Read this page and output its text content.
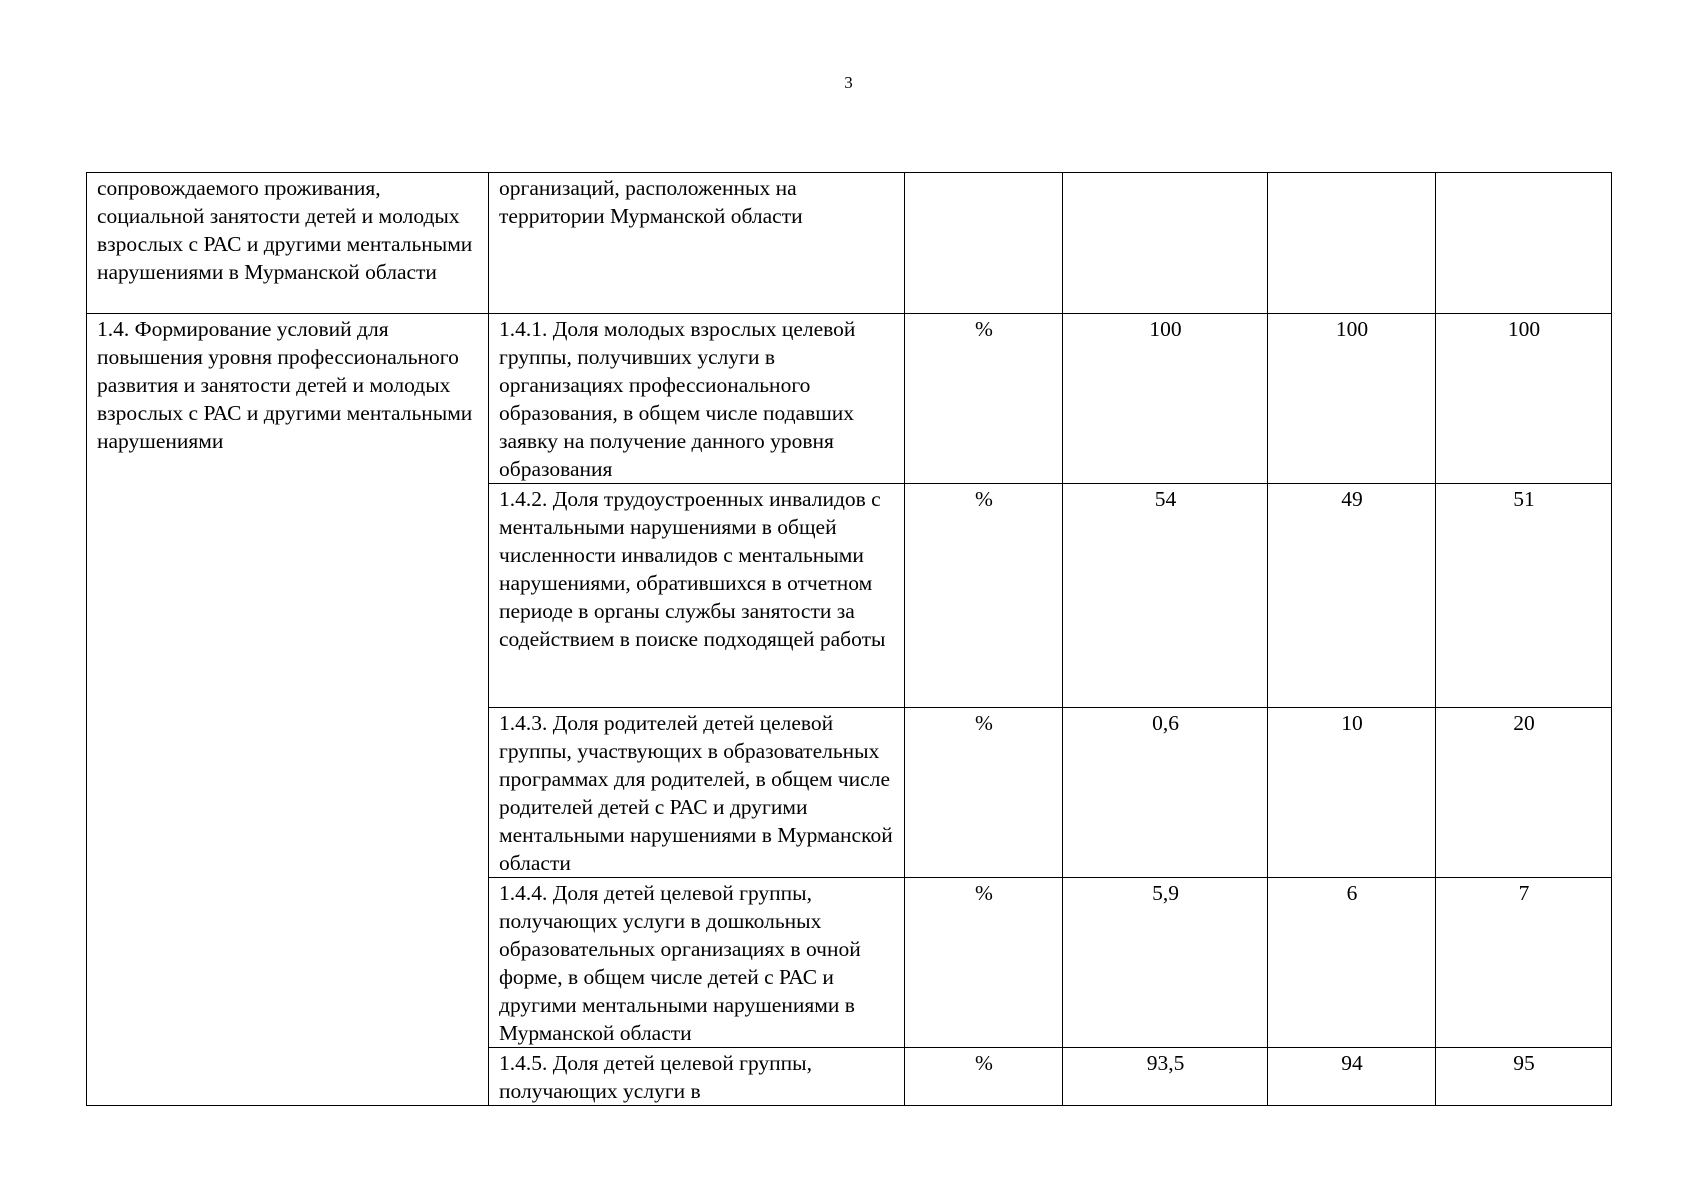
3
сопровождаемого проживания, социальной занятости детей и молодых взрослых с РАС и другими ментальными нарушениями в Мурманской области	организаций, расположенных на территории Мурманской области				
1.4. Формирование условий для повышения уровня профессионального развития и занятости детей и молодых взрослых с РАС и другими ментальными нарушениями	1.4.1. Доля молодых взрослых целевой группы, получивших услуги в организациях профессионального образования, в общем числе подавших заявку на получение данного уровня образования	%	100	100	100
	1.4.2. Доля трудоустроенных инвалидов с ментальными нарушениями в общей численности инвалидов с ментальными нарушениями, обратившихся в отчетном периоде в органы службы занятости за содействием в поиске подходящей работы	%	54	49	51
	1.4.3. Доля родителей детей целевой группы, участвующих в образовательных программах для родителей, в общем числе родителей детей с РАС и другими ментальными нарушениями в Мурманской области	%	0,6	10	20
	1.4.4. Доля детей целевой группы, получающих услуги в дошкольных образовательных организациях в очной форме, в общем числе детей с РАС и другими ментальными нарушениями в Мурманской области	%	5,9	6	7
	1.4.5. Доля детей целевой группы, получающих услуги в	%	93,5	94	95
